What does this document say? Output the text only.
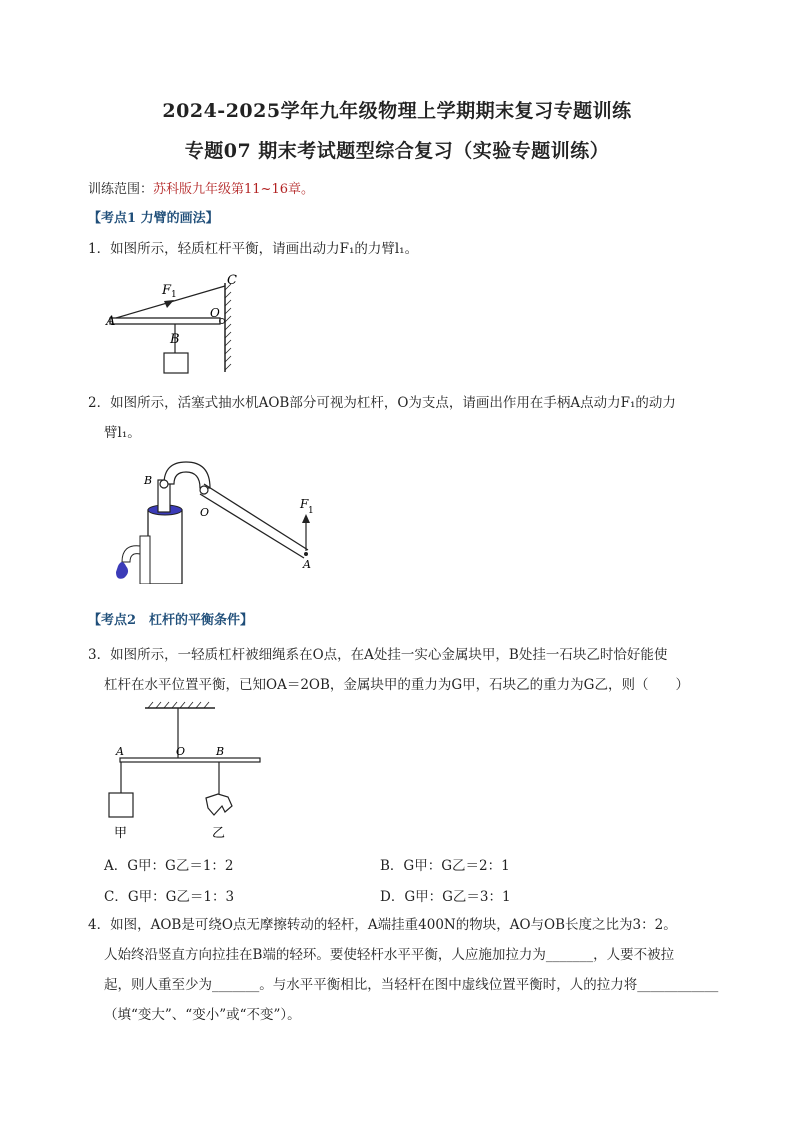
2024-2025学年九年级物理上学期期末复习专题训练
专题07 期末考试题型综合复习（实验专题训练）
训练范围：苏科版九年级第11~16章。
【考点1 力臂的画法】
1．如图所示，轻质杠杆平衡，请画出动力F₁的力臂l₁。
A
B
C
O
F 1
2．如图所示，活塞式抽水机AOB部分可视为杠杆，O为支点，请画出作用在手柄A点动力F₁的动力
臂l₁。
B
O
A
F 1
【考点2　杠杆的平衡条件】
3．如图所示，一轻质杠杆被细绳系在O点，在A处挂一实心金属块甲，B处挂一石块乙时恰好能使
杠杆在水平位置平衡，已知OA＝2OB，金属块甲的重力为G甲，石块乙的重力为G乙，则（　　）
A	O	B
甲	乙
A．G甲：G乙＝1：2	B．G甲：G乙＝2：1
C．G甲：G乙＝1：3	D．G甲：G乙＝3：1
4．如图，AOB是可绕O点无摩擦转动的轻杆，A端挂重400N的物块，AO与OB长度之比为3：2。
人始终沿竖直方向拉挂在B端的轻环。要使轻杆水平平衡，人应施加拉力为_______，人要不被拉
起，则人重至少为_______。与水平平衡相比，当轻杆在图中虚线位置平衡时，人的拉力将____________
（填“变大”、“变小”或“不变”）。
